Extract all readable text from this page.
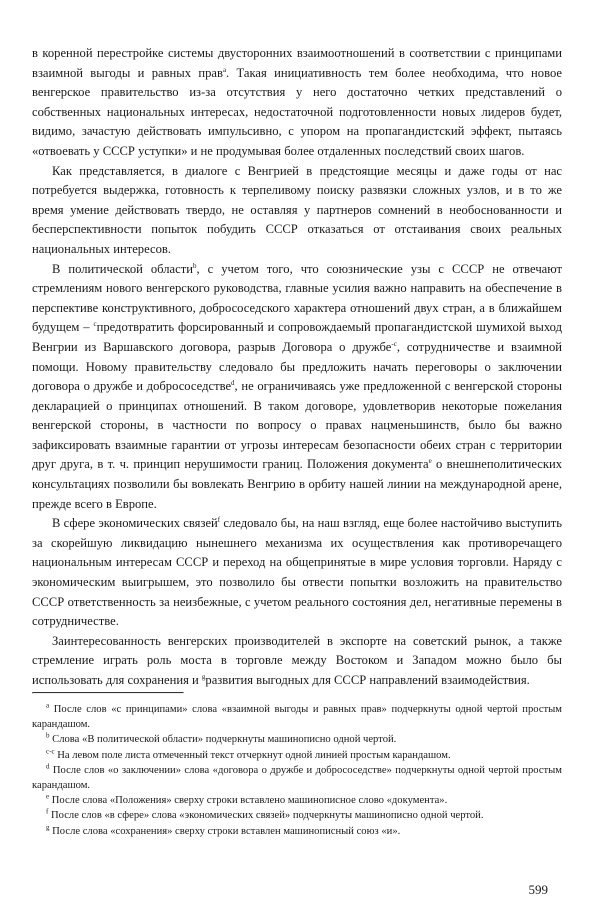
в коренной перестройке системы двусторонних взаимоотношений в соответствии с принципами взаимной выгоды и равных прав$^a$. Такая инициативность тем более необходима, что новое венгерское правительство из-за отсутствия у него достаточно четких представлений о собственных национальных интересах, недостаточной подготовленности новых лидеров будет, видимо, зачастую действовать импульсивно, с упором на пропагандистский эффект, пытаясь «отвоевать у СССР уступки» и не продумывая более отдаленных последствий своих шагов.

Как представляется, в диалоге с Венгрией в предстоящие месяцы и даже годы от нас потребуется выдержка, готовность к терпеливому поиску развязки сложных узлов, и в то же время умение действовать твердо, не оставляя у партнеров сомнений в необоснованности и бесперспективности попыток побудить СССР отказаться от отстаивания своих реальных национальных интересов.

В политической области$^b$, с учетом того, что союзнические узы с СССР не отвечают стремлениям нового венгерского руководства, главные усилия важно направить на обеспечение в перспективе конструктивного, добрососедского характера отношений двух стран, а в ближайшем будущем – $^c$предотвратить форсированный и сопровождаемый пропагандистской шумихой выход Венгрии из Варшавского договора, разрыв Договора о дружбе$^{-c}$, сотрудничестве и взаимной помощи. Новому правительству следовало бы предложить начать переговоры о заключении договора о дружбе и добрососедстве$^d$, не ограничиваясь уже предложенной с венгерской стороны декларацией о принципах отношений. В таком договоре, удовлетворив некоторые пожелания венгерской стороны, в частности по вопросу о правах нацменьшинств, было бы важно зафиксировать взаимные гарантии от угрозы интересам безопасности обеих стран с территории друг друга, в т. ч. принцип нерушимости границ. Положения документа$^e$ о внешнеполитических консультациях позволили бы вовлекать Венгрию в орбиту нашей линии на международной арене, прежде всего в Европе.

В сфере экономических связей$^f$ следовало бы, на наш взгляд, еще более настойчиво выступить за скорейшую ликвидацию нынешнего механизма их осуществления как противоречащего национальным интересам СССР и переход на общепринятые в мире условия торговли. Наряду с экономическим выигрышем, это позволило бы отвести попытки возложить на правительство СССР ответственность за неизбежные, с учетом реального состояния дел, негативные перемены в сотрудничестве.

Заинтересованность венгерских производителей в экспорте на советский рынок, а также стремление играть роль моста в торговле между Востоком и Западом можно было бы использовать для сохранения и $^g$развития выгодных для СССР направлений взаимодействия.

$^a$ После слов «с принципами» слова «взаимной выгоды и равных прав» подчеркнуты одной чертой простым карандашом.

$^b$ Слова «В политической области» подчеркнуты машинописно одной чертой.

$^{c-c}$ На левом поле листа отмеченный текст отчеркнут одной линией простым карандашом.

$^d$ После слов «о заключении» слова «договора о дружбе и добрососедстве» подчеркнуты одной чертой простым карандашом.

$^e$ После слова «Положения» сверху строки вставлено машинописное слово «документа».

$^f$ После слов «в сфере» слова «экономических связей» подчеркнуты машинописно одной чертой.

$^g$ После слова «сохранения» сверху строки вставлен машинописный союз «и».

599
